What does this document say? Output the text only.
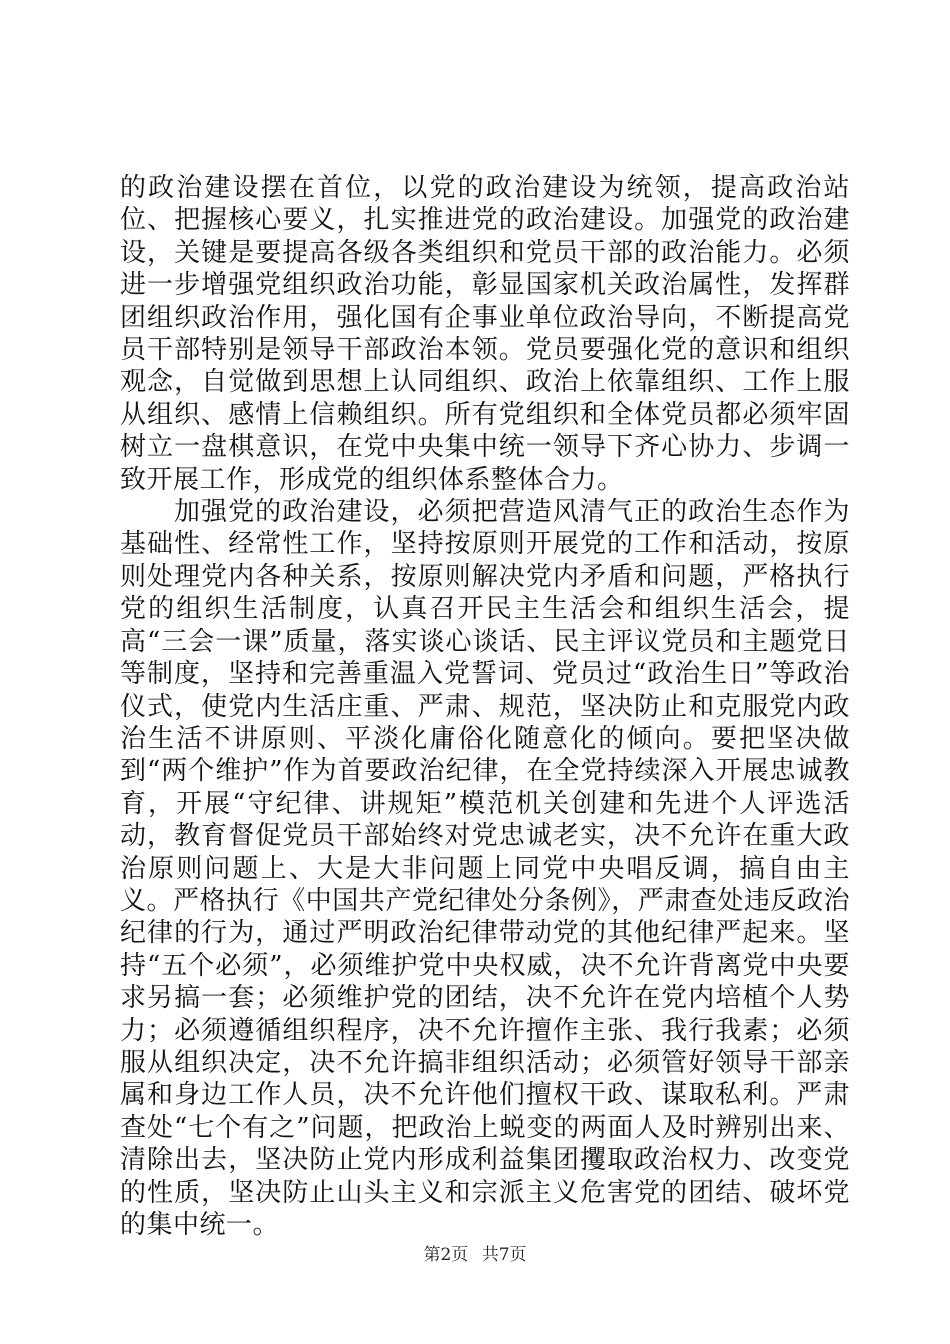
的政治建设摆在首位，以党的政治建设为统领，提高政治站位、把握核心要义，扎实推进党的政治建设。加强党的政治建设，关键是要提高各级各类组织和党员干部的政治能力。必须进一步增强党组织政治功能，彰显国家机关政治属性，发挥群团组织政治作用，强化国有企事业单位政治导向，不断提高党员干部特别是领导干部政治本领。党员要强化党的意识和组织观念，自觉做到思想上认同组织、政治上依靠组织、工作上服从组织、感情上信赖组织。所有党组织和全体党员都必须牢固树立一盘棋意识，在党中央集中统一领导下齐心协力、步调一致开展工作，形成党的组织体系整体合力。

加强党的政治建设，必须把营造风清气正的政治生态作为基础性、经常性工作，坚持按原则开展党的工作和活动，按原则处理党内各种关系，按原则解决党内矛盾和问题，严格执行党的组织生活制度，认真召开民主生活会和组织生活会，提高“三会一课”质量，落实谈心谈话、民主评议党员和主题党日等制度，坚持和完善重温入党誓词、党员过“政治生日”等政治仪式，使党内生活庄重、严肃、规范，坚决防止和克服党内政治生活不讲原则、平淡化庸俗化随意化的倾向。要把坚决做到“两个维护”作为首要政治纪律，在全党持续深入开展忠诚教育，开展“守纪律、讲规矩”模范机关创建和先进个人评选活动，教育督促党员干部始终对党忠诚老实，决不允许在重大政治原则问题上、大是大非问题上同党中央唱反调，搞自由主义。严格执行《中国共产党纪律处分条例》，严肃查处违反政治纪律的行为，通过严明政治纪律带动党的其他纪律严起来。坚持“五个必须”，必须维护党中央权威，决不允许背离党中央要求另搞一套；必须维护党的团结，决不允许在党内培植个人势力；必须遵循组织程序，决不允许擅作主张、我行我素；必须服从组织决定，决不允许搞非组织活动；必须管好领导干部亲属和身边工作人员，决不允许他们擅权干政、谋取私利。严肃查处“七个有之”问题，把政治上蜕变的两面人及时辨别出来、清除出去，坚决防止党内形成利益集团攫取政治权力、改变党的性质，坚决防止山头主义和宗派主义危害党的团结、破坏党的集中统一。

第2页 共7页
